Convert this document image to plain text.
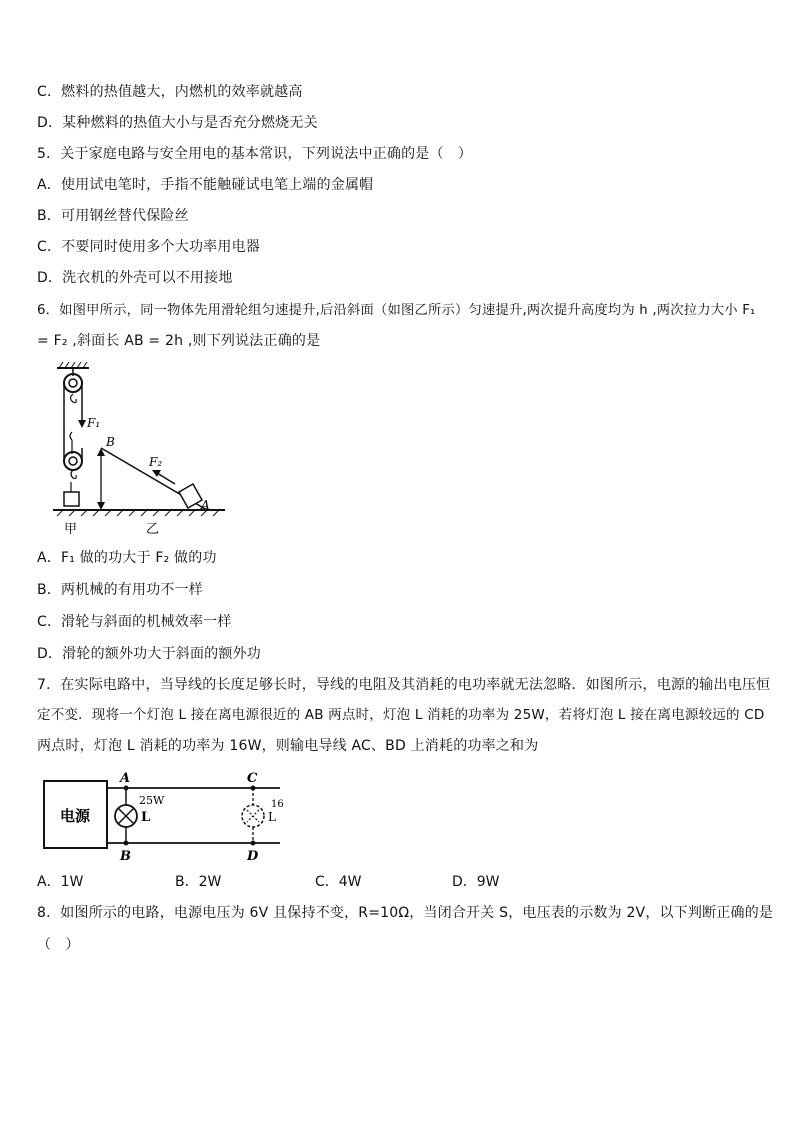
C．燃料的热值越大，内燃机的效率就越高
D．某种燃料的热值大小与是否充分燃烧无关
5．关于家庭电路与安全用电的基本常识，下列说法中正确的是（　）
A．使用试电笔时，手指不能触碰试电笔上端的金属帽
B．可用钢丝替代保险丝
C．不要同时使用多个大功率用电器
D．洗衣机的外壳可以不用接地
6．如图甲所示，同一物体先用滑轮组匀速提升,后沿斜面（如图乙所示）匀速提升,两次提升高度均为 h ,两次拉力大小 F₁
= F₂ ,斜面长 AB = 2h ,则下列说法正确的是
F₁
B
F₂
A
甲	乙
A．F₁ 做的功大于 F₂ 做的功
B．两机械的有用功不一样
C．滑轮与斜面的机械效率一样
D．滑轮的额外功大于斜面的额外功
7．在实际电路中，当导线的长度足够长时，导线的电阻及其消耗的电功率就无法忽略．如图所示，电源的输出电压恒
定不变．现将一个灯泡 L 接在离电源很近的 AB 两点时，灯泡 L 消耗的功率为 25W，若将灯泡 L 接在离电源较远的 CD
两点时，灯泡 L 消耗的功率为 16W，则输电导线 AC、BD 上消耗的功率之和为
电源
A
B
C
D
L
25W
L
16
A．1W	B．2W	C．4W	D．9W
8．如图所示的电路，电源电压为 6V 且保持不变，R=10Ω，当闭合开关 S，电压表的示数为 2V，以下判断正确的是
（　）
